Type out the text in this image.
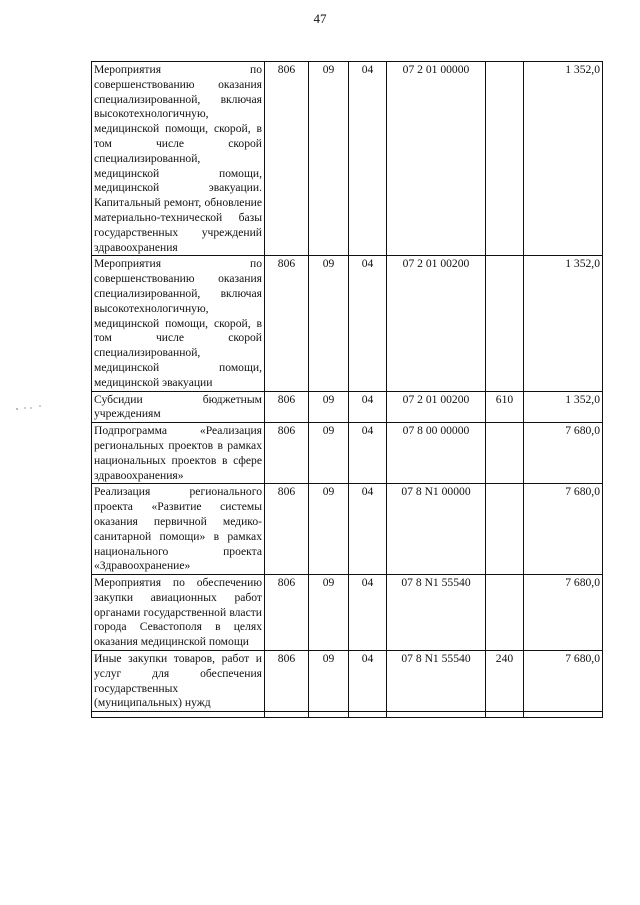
47
Мероприятия по совершенствованию оказания специализированной, включая высокотехнологичную, медицинской помощи, скорой, в том числе скорой специализированной, медицинской помощи, медицинской эвакуации. Капитальный ремонт, обновление материально-технической базы государственных учреждений здравоохранения	806	09	04	07 2 01 00000		1 352,0
Мероприятия по совершенствованию оказания специализированной, включая высокотехнологичную, медицинской помощи, скорой, в том числе скорой специализированной, медицинской помощи, медицинской эвакуации	806	09	04	07 2 01 00200		1 352,0
Субсидии бюджетным учреждениям	806	09	04	07 2 01 00200	610	1 352,0
Подпрограмма «Реализация региональных проектов в рамках национальных проектов в сфере здравоохранения»	806	09	04	07 8 00 00000		7 680,0
Реализация регионального проекта «Развитие системы оказания первичной медико-санитарной помощи» в рамках национального проекта «Здравоохранение»	806	09	04	07 8 N1 00000		7 680,0
Мероприятия по обеспечению закупки авиационных работ органами государственной власти города Севастополя в целях оказания медицинской помощи	806	09	04	07 8 N1 55540		7 680,0
Иные закупки товаров, работ и услуг для обеспечения государственных (муниципальных) нужд	806	09	04	07 8 N1 55540	240	7 680,0
